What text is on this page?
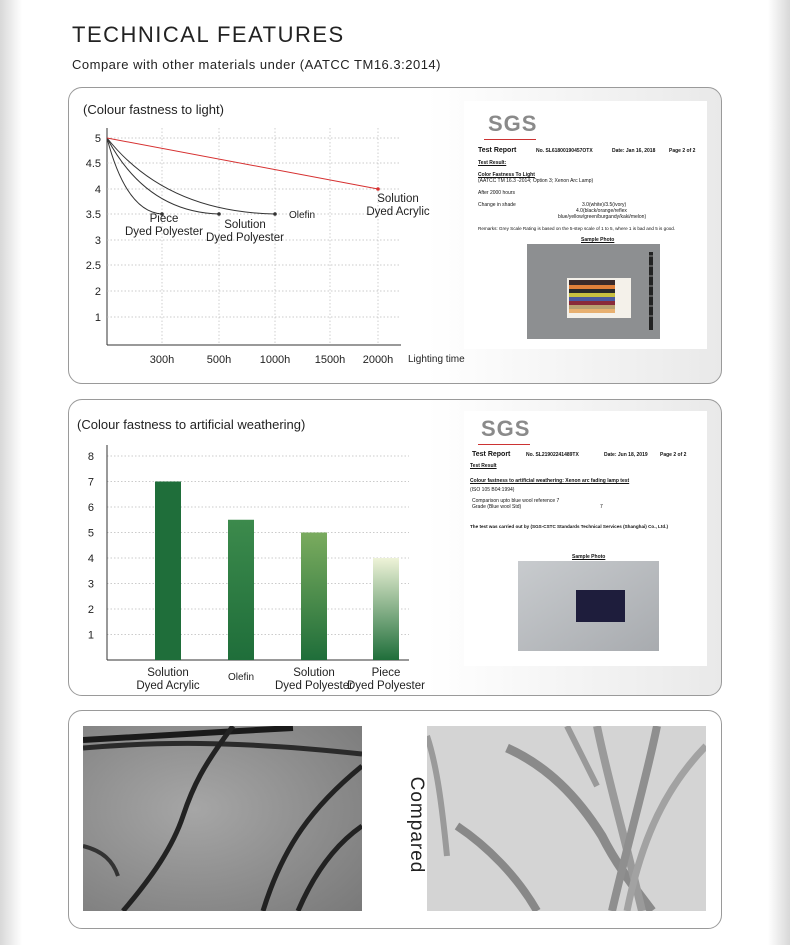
TECHNICAL FEATURES
Compare with other materials under (AATCC TM16.3:2014)
(Colour fastness to light)
1
2
2.5
3
3.5
4
4.5
5
300h	500h	1000h 1500h 2000h Lighting time
Piece
Dyed Polyester
Solution
Dyed Polyester
Olefin
Solution
Dyed Acrylic
SGS
Test Report	No. SL61800190457OTX	Date: Jan 16, 2018	Page 2 of 2
Test Result:
Color Fastness To Light
(AATCC TM 16.3 -2014; Option 3; Xenon Arc Lamp)
After 2000 hours
Change in shade	3.0(white)/3.5(ivory)
4.0(black/orange/reflex
blue/yellow/green/burgandy/kaki/melon)
Remarks: Grey Scale Rating is based on the 5-step scale of 1 to 5, where 1 is bad and 5 is good.
Sample Photo
(Colour fastness to artificial weathering)
1
2
3
4
5
6
7
8
Solution
Dyed Acrylic
Olefin	Solution
Dyed Polyester
Piece
Dyed Polyester
SGS
Test Report	No. SL21902241489TX	Date: Jun 18, 2019 Page 2 of 2
Test Result
Colour fastness to artificial weathering: Xenon arc fading lamp test
(ISO 105 B04:1994)
Comparison upto blue wool reference 7
Grade (Blue wool Std)	7
The test was carried out by (SGS-CSTC Standards Technical Services (Shanghai) Co., Ltd.)
Sample Photo
Compared
